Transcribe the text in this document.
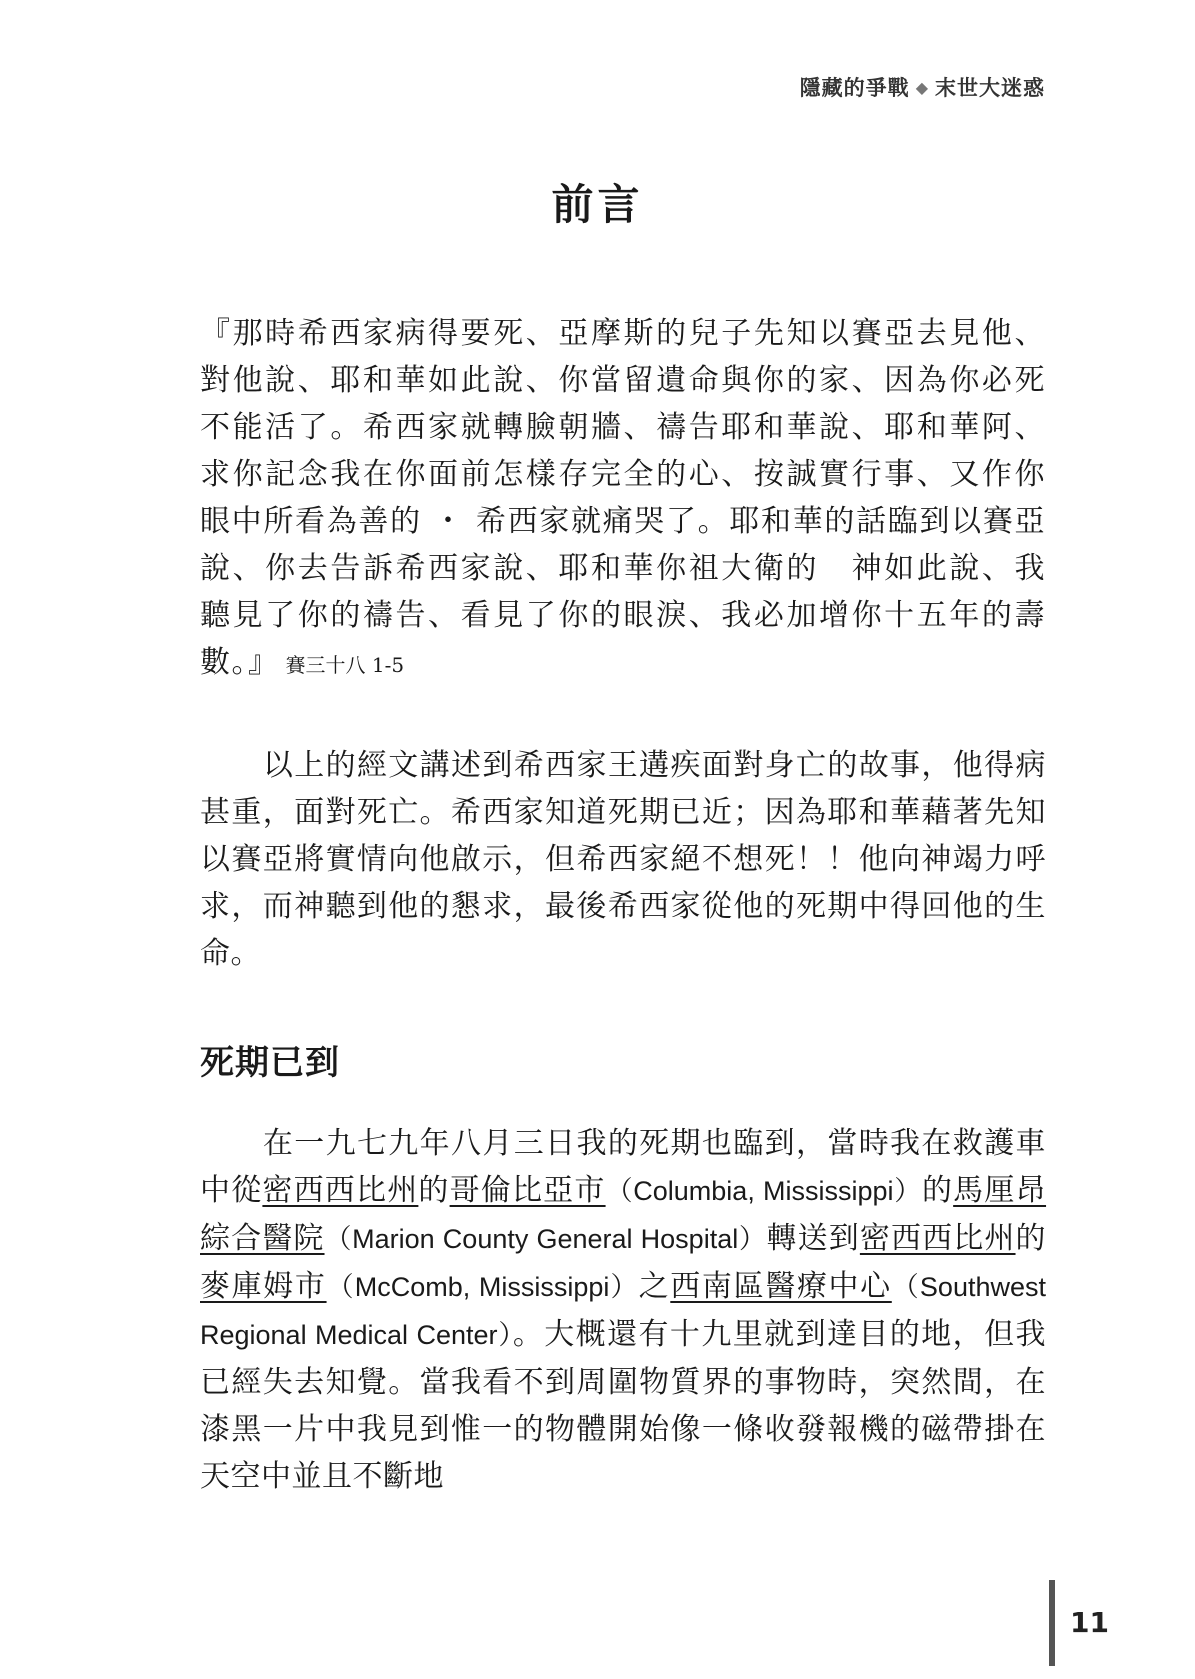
隱藏的爭戰 ◆ 末世大迷惑
前言
『那時希西家病得要死、亞摩斯的兒子先知以賽亞去見他、對他說、耶和華如此說、你當留遺命與你的家、因為你必死不能活了。希西家就轉臉朝牆、禱告耶和華說、耶和華阿、求你記念我在你面前怎樣存完全的心、按誠實行事、又作你眼中所看為善的 ・ 希西家就痛哭了。耶和華的話臨到以賽亞說、你去告訴希西家說、耶和華你祖大衛的　神如此說、我聽見了你的禱告、看見了你的眼淚、我必加增你十五年的壽數。』 賽三十八 1-5
以上的經文講述到希西家王遘疾面對身亡的故事，他得病甚重，面對死亡。希西家知道死期已近；因為耶和華藉著先知以賽亞將實情向他啟示，但希西家絕不想死！！他向神竭力呼求，而神聽到他的懇求，最後希西家從他的死期中得回他的生命。
死期已到
在一九七九年八月三日我的死期也臨到，當時我在救護車中從密西西比州的哥倫比亞市（Columbia, Mississippi）的馬厘昂綜合醫院（Marion County General Hospital）轉送到密西西比州的麥庫姆市（McComb, Mississippi）之西南區醫療中心（Southwest Regional Medical Center）。大概還有十九里就到達目的地，但我已經失去知覺。當我看不到周圍物質界的事物時，突然間，在漆黑一片中我見到惟一的物體開始像一條收發報機的磁帶掛在天空中並且不斷地
11
